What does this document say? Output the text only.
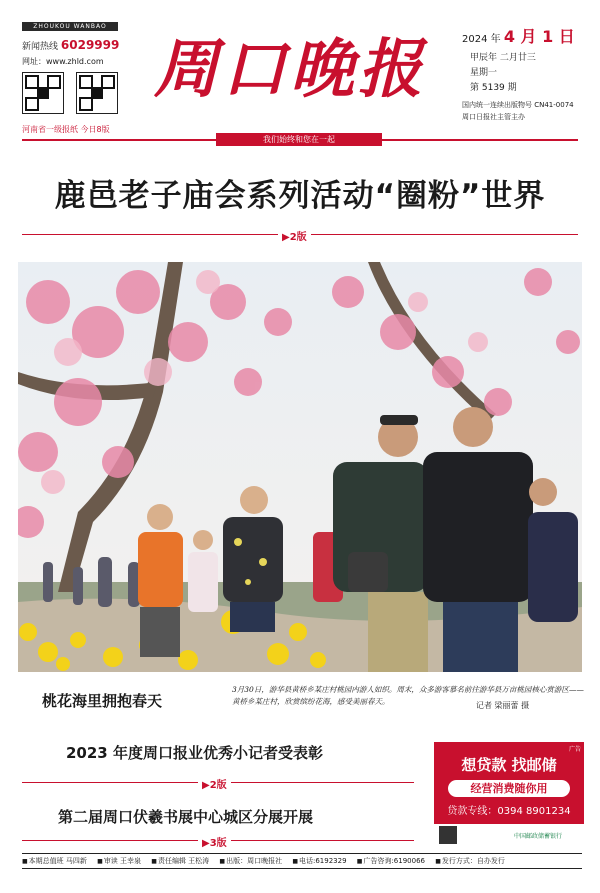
ZHOUKOU WANBAO
新闻热线 6029999
网址：www.zhld.com
河南省一级报纸 今日8版
周口晚报	2024 年 4 月 1 日
甲辰年 二月廿三
星期一
第 5139 期
国内统一连续出版物号 CN41-0074
周口日报社主管主办
我们始终和您在一起
鹿邑老子庙会系列活动“圈粉”世界
▶2版
桃花海里拥抱春天
3月30日，游华县黄桥乡某庄村桃园内游人如织。周末，众多游客慕名前往游华县万亩桃园核心赏游区——黄桥乡某庄村，欣赏缤纷花海，感受美丽春天。	记者 梁丽蕾 摄
2023 年度周口报业优秀小记者受表彰
▶2版
第二届周口伏羲书展中心城区分展开展
▶3版
广告
想贷款 找邮储
经营消费随你用
贷款专线：0394 8901234
中国邮政储蓄银行
■ 本期总值班 马四新 ■ 审读 王幸泉 ■ 责任编辑 王松涛 ■ 出版：周口晚报社 ■ 电话:6192329 ■ 广告咨询:6190066 ■ 发行方式：自办发行
